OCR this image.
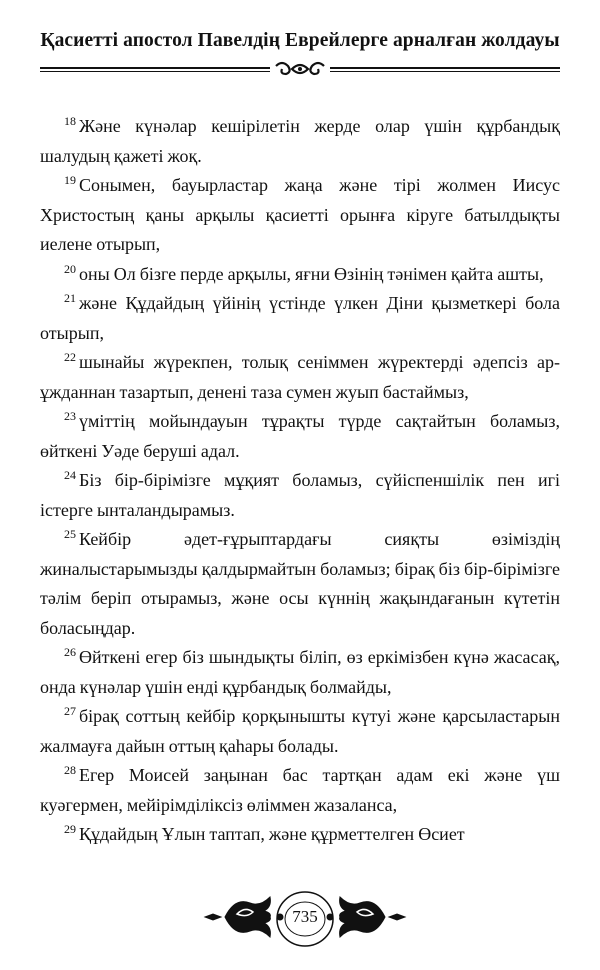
Қасиетті апостол Павелдің Еврейлерге арналған жолдауы

$^{18}$ Және күнәлар кешірілетін жерде олар үшін құрбандық шалудың қажеті жоқ.

$^{19}$ Сонымен, бауырластар жаңа және тірі жолмен Иисус Христостың қаны арқылы қасиетті орынға кіруге батылдықты иелене отырып,

$^{20}$ оны Ол бізге перде арқылы, яғни Өзінің тәнімен қайта ашты,

$^{21}$ және Құдайдың үйінің үстінде үлкен Діни қызметкері бола отырып,

$^{22}$ шынайы жүрекпен, толық сеніммен жүректерді әдепсіз ар-ұжданнан тазартып, денені таза сумен жуып бастаймыз,

$^{23}$ үміттің мойындауын тұрақты түрде сақтайтын боламыз, өйткені Уәде беруші адал.

$^{24}$ Біз бір-бірімізге мұқият боламыз, сүйіспеншілік пен игі істерге ынталандырамыз.

$^{25}$ Кейбір әдет-ғұрыптардағы сияқты өзіміздің жиналыстарымызды қалдырмайтын боламыз; бірақ біз бір-бірімізге тәлім беріп отырамыз, және осы күннің жақындағанын күтетін боласыңдар.

$^{26}$ Өйткені егер біз шындықты біліп, өз еркімізбен күнә жасасақ, онда күнәлар үшін енді құрбандық болмайды,

$^{27}$ бірақ соттың кейбір қорқынышты күтуі және қарсыластарын жалмауға дайын оттың қаһары болады.

$^{28}$ Егер Моисей заңынан бас тартқан адам екі және үш куәгермен, мейірімділіксіз өліммен жазаланса,

$^{29}$ Құдайдың Ұлын таптап, және құрметтелген Өсиет

735
